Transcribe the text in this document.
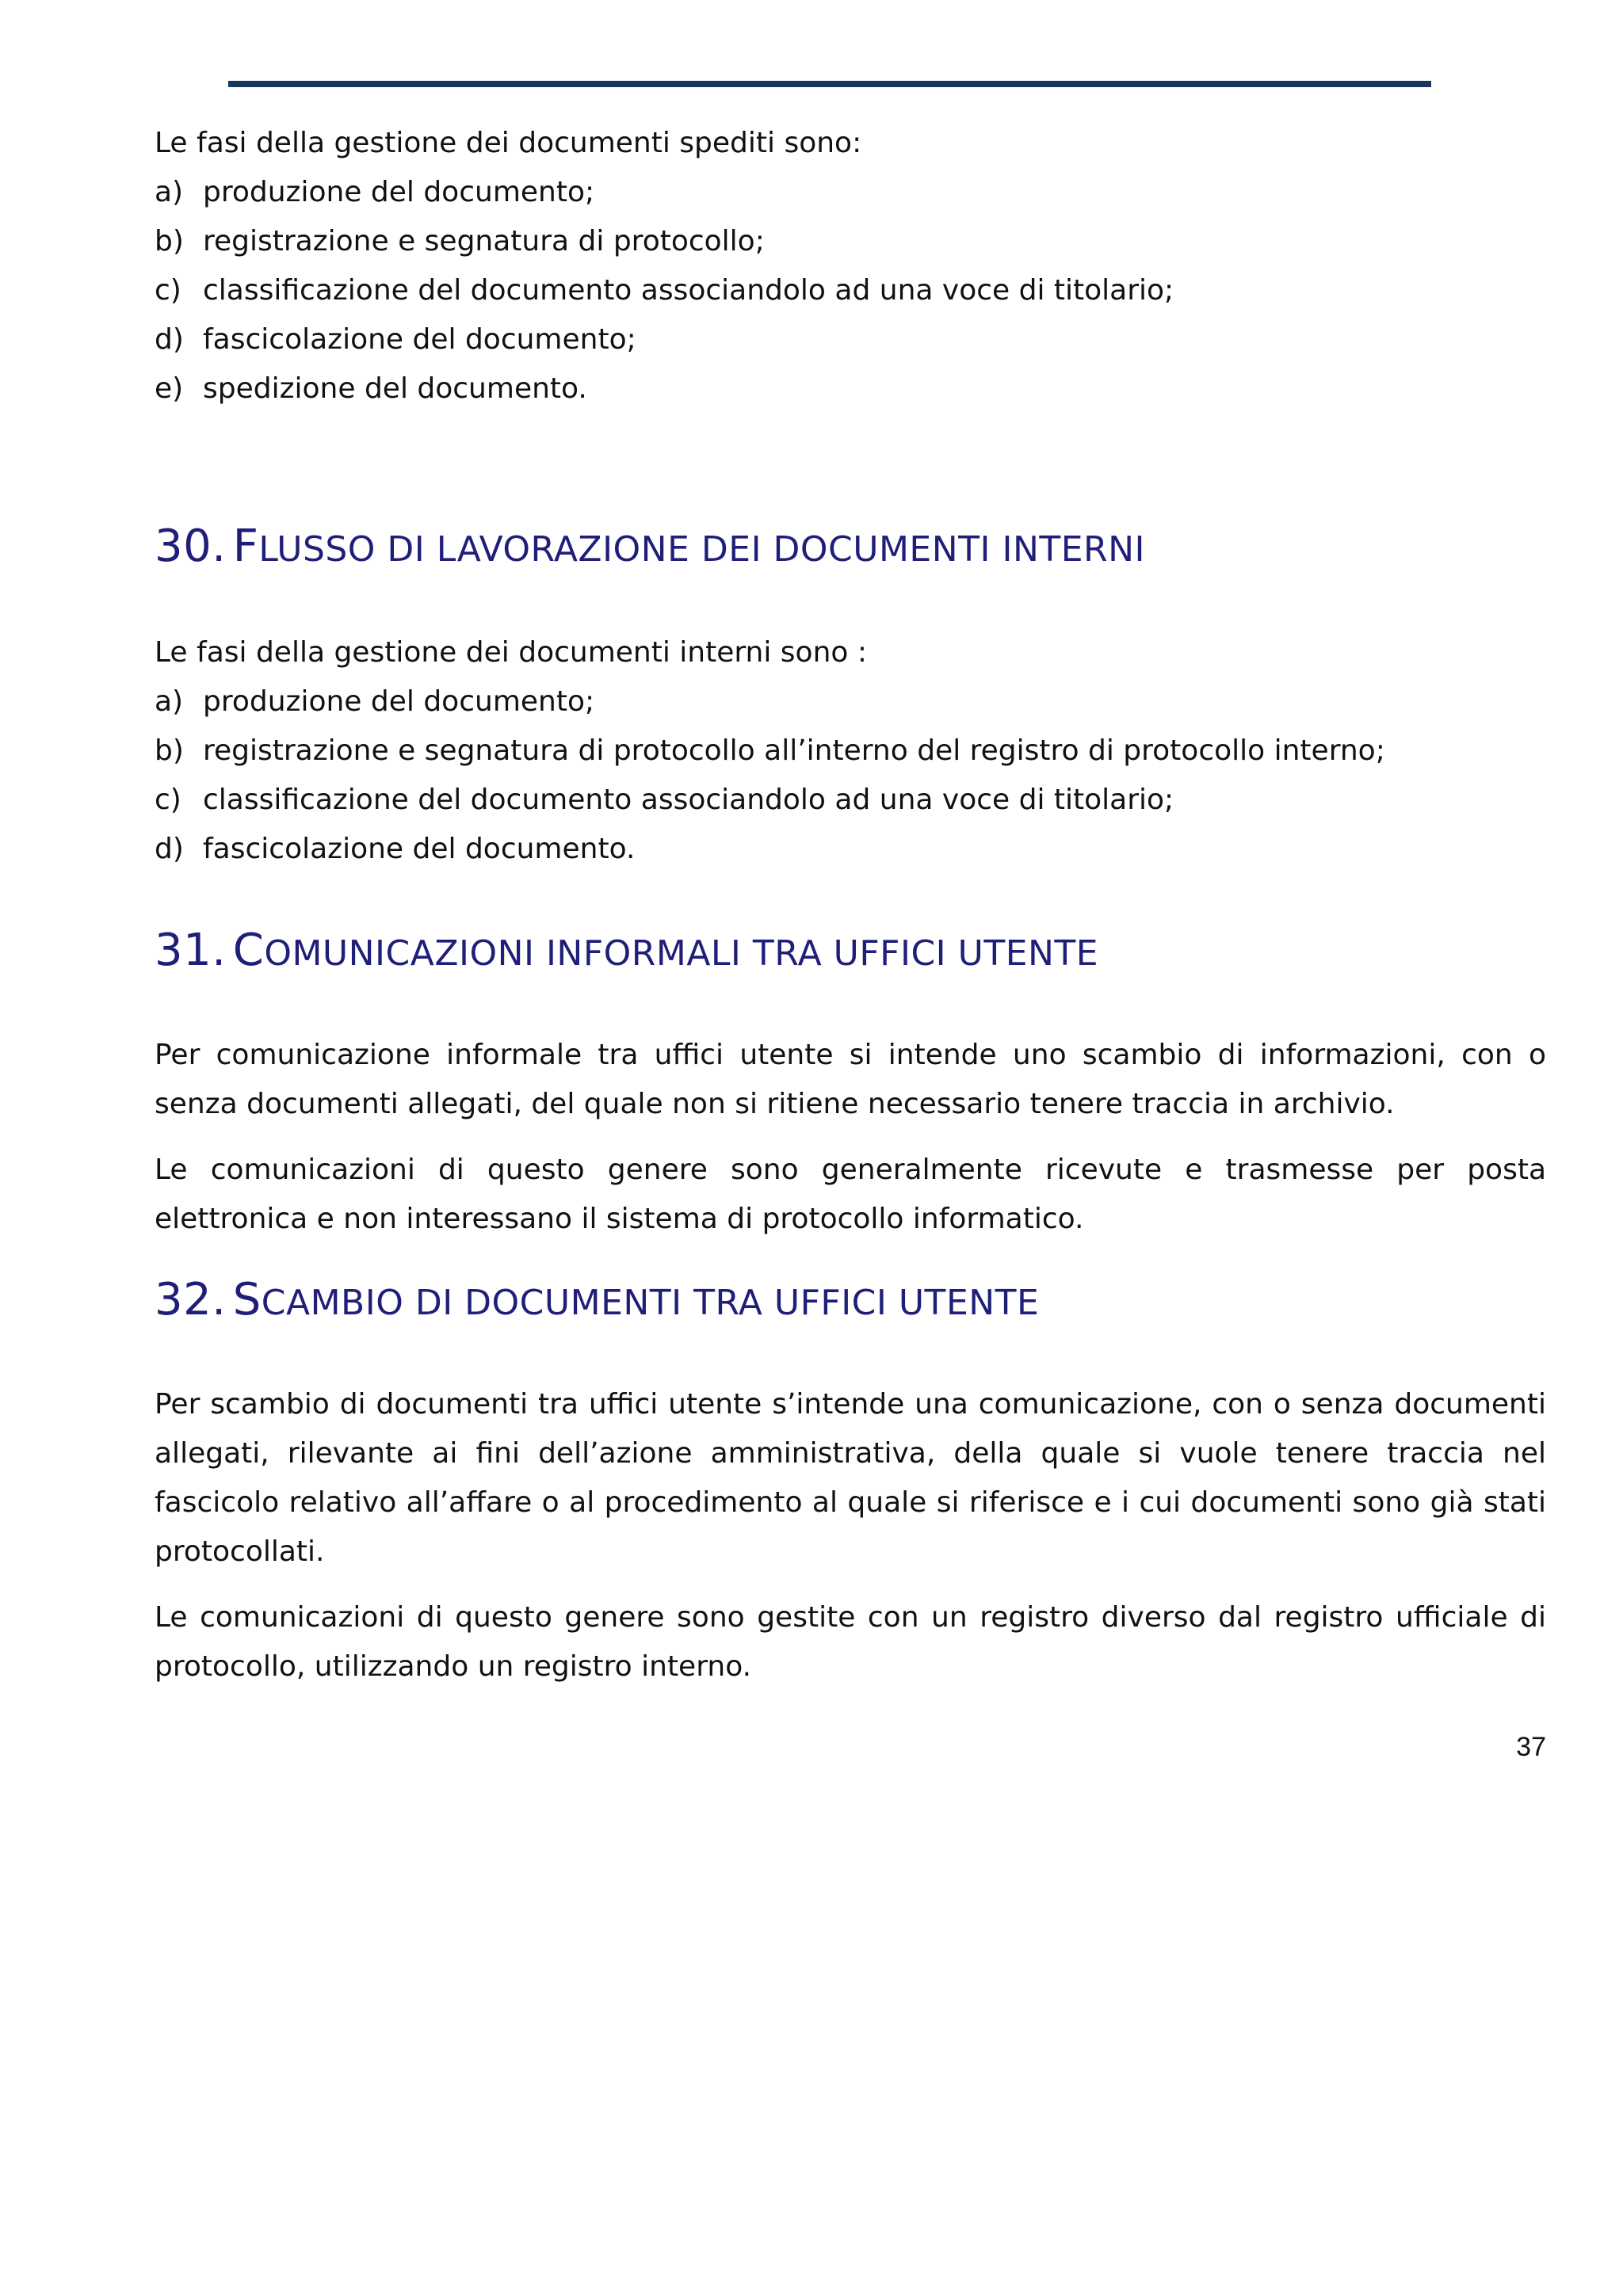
Le fasi della gestione dei documenti spediti sono:

a) produzione del documento;
b) registrazione e segnatura di protocollo;
c) classificazione del documento associandolo ad una voce di titolario;
d) fascicolazione del documento;
e) spedizione del documento.
30. FLUSSO DI LAVORAZIONE DEI DOCUMENTI INTERNI

Le fasi della gestione dei documenti interni sono :

a) produzione del documento;
b) registrazione e segnatura di protocollo all’interno del registro di protocollo interno;
c) classificazione del documento associandolo ad una voce di titolario;
d) fascicolazione del documento.
31. COMUNICAZIONI INFORMALI TRA UFFICI UTENTE

Per comunicazione informale tra uffici utente si intende uno scambio di informazioni, con o senza documenti allegati, del quale non si ritiene necessario tenere traccia in archivio.

Le comunicazioni di questo genere sono generalmente ricevute e trasmesse per posta elettronica e non interessano il sistema di protocollo informatico.

32. SCAMBIO DI DOCUMENTI TRA UFFICI UTENTE

Per scambio di documenti tra uffici utente s’intende una comunicazione, con o senza documenti allegati, rilevante ai fini dell’azione amministrativa, della quale si vuole tenere traccia nel fascicolo relativo all’affare o al procedimento al quale si riferisce e i cui documenti sono già stati protocollati.

Le comunicazioni di questo genere sono gestite con un registro diverso dal registro ufficiale di protocollo, utilizzando un registro interno.

37
